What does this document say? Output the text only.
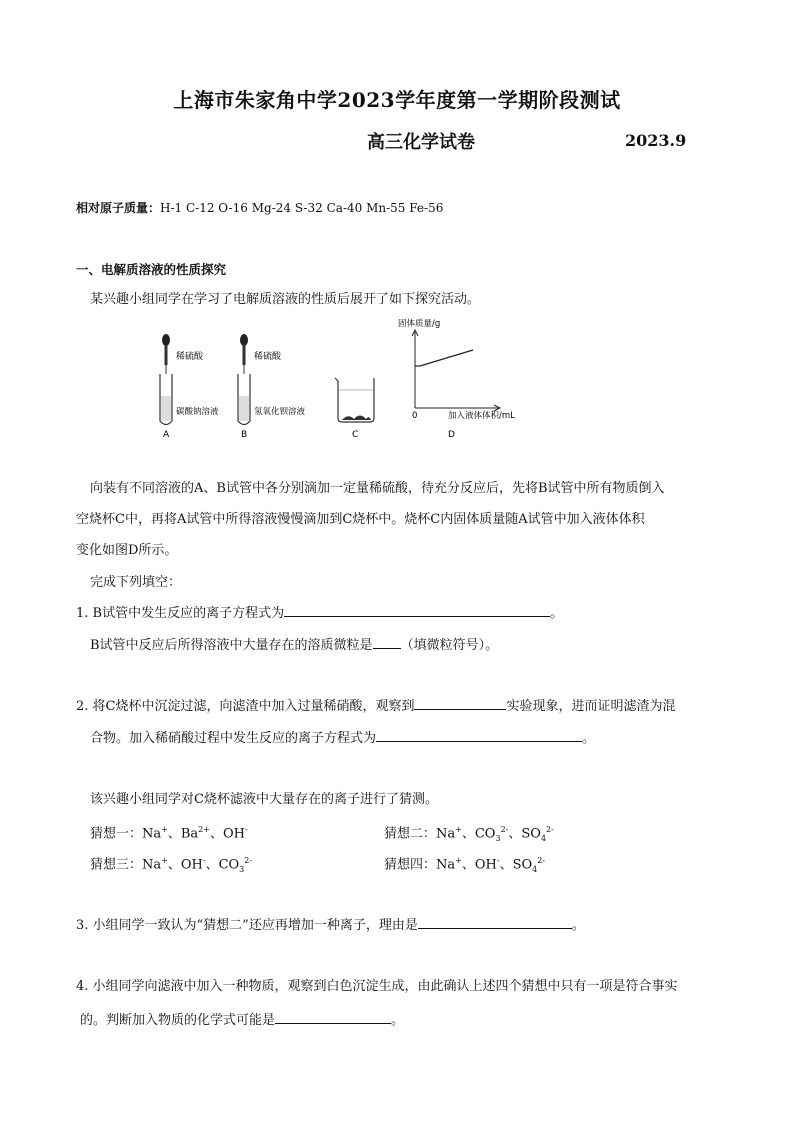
上海市朱家角中学2023学年度第一学期阶段测试
高三化学试卷	2023.9
相对原子质量：H-1 C-12 O-16 Mg-24 S-32 Ca-40 Mn-55 Fe-56
一、电解质溶液的性质探究
某兴趣小组同学在学习了电解质溶液的性质后展开了如下探究活动。
稀硫酸
碳酸钠溶液
A
稀硫酸
氢氧化钡溶液
B	C
固体质量/g
0	加入液体体积/mL
D
向装有不同溶液的A、B试管中各分别滴加一定量稀硫酸，待充分反应后，先将B试管中所有物质倒入
空烧杯C中，再将A试管中所得溶液慢慢滴加到C烧杯中。烧杯C内固体质量随A试管中加入液体体积
变化如图D所示。
完成下列填空：
1. B试管中发生反应的离子方程式为	。
B试管中反应后所得溶液中大量存在的溶质微粒是 （填微粒符号）。
2. 将C烧杯中沉淀过滤，向滤渣中加入过量稀硝酸，观察到	实验现象，进而证明滤渣为混
合物。加入稀硝酸过程中发生反应的离子方程式为	。
该兴趣小组同学对C烧杯滤液中大量存在的离子进行了猜测。
猜想一：Na+、$Ba^{2+}$、OH-	猜想二：Na+、$CO_3^{2-}$、$SO_4^{2-}$
猜想三：Na+、OH-、$CO_3^{2-}$	猜想四：Na+、OH-、$SO_4^{2-}$
3. 小组同学一致认为“猜想二”还应再增加一种离子，理由是	。
4. 小组同学向滤液中加入一种物质，观察到白色沉淀生成，由此确认上述四个猜想中只有一项是符合事实
的。判断加入物质的化学式可能是	。
